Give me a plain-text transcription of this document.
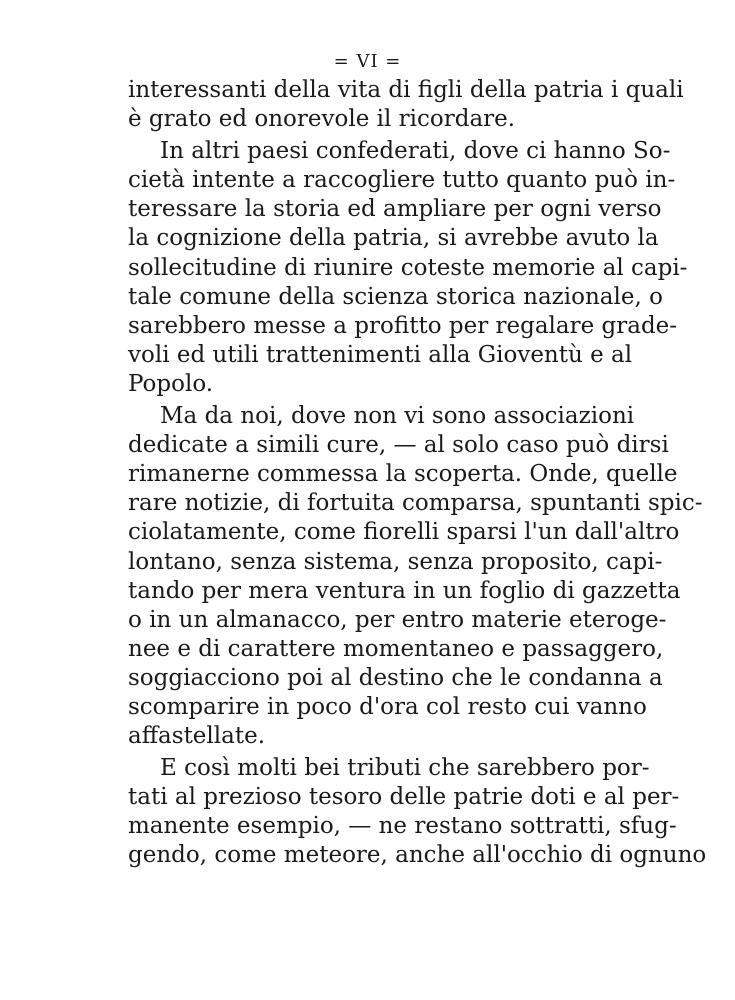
= VI =
interessanti della vita di figli della patria i quali
è grato ed onorevole il ricordare.
In altri paesi confederati, dove ci hanno So-
cietà intente a raccogliere tutto quanto può in-
teressare la storia ed ampliare per ogni verso
la cognizione della patria, si avrebbe avuto la
sollecitudine di riunire coteste memorie al capi-
tale comune della scienza storica nazionale, o
sarebbero messe a profitto per regalare grade-
voli ed utili trattenimenti alla Gioventù e al
Popolo.
Ma da noi, dove non vi sono associazioni
dedicate a simili cure, — al solo caso può dirsi
rimanerne commessa la scoperta. Onde, quelle
rare notizie, di fortuita comparsa, spuntanti spic-
ciolatamente, come fiorelli sparsi l'un dall'altro
lontano, senza sistema, senza proposito, capi-
tando per mera ventura in un foglio di gazzetta
o in un almanacco, per entro materie eteroge-
nee e di carattere momentaneo e passaggero,
soggiacciono poi al destino che le condanna a
scomparire in poco d'ora col resto cui vanno
affastellate.
E così molti bei tributi che sarebbero por-
tati al prezioso tesoro delle patrie doti e al per-
manente esempio, — ne restano sottratti, sfug-
gendo, come meteore, anche all'occhio di ognuno
